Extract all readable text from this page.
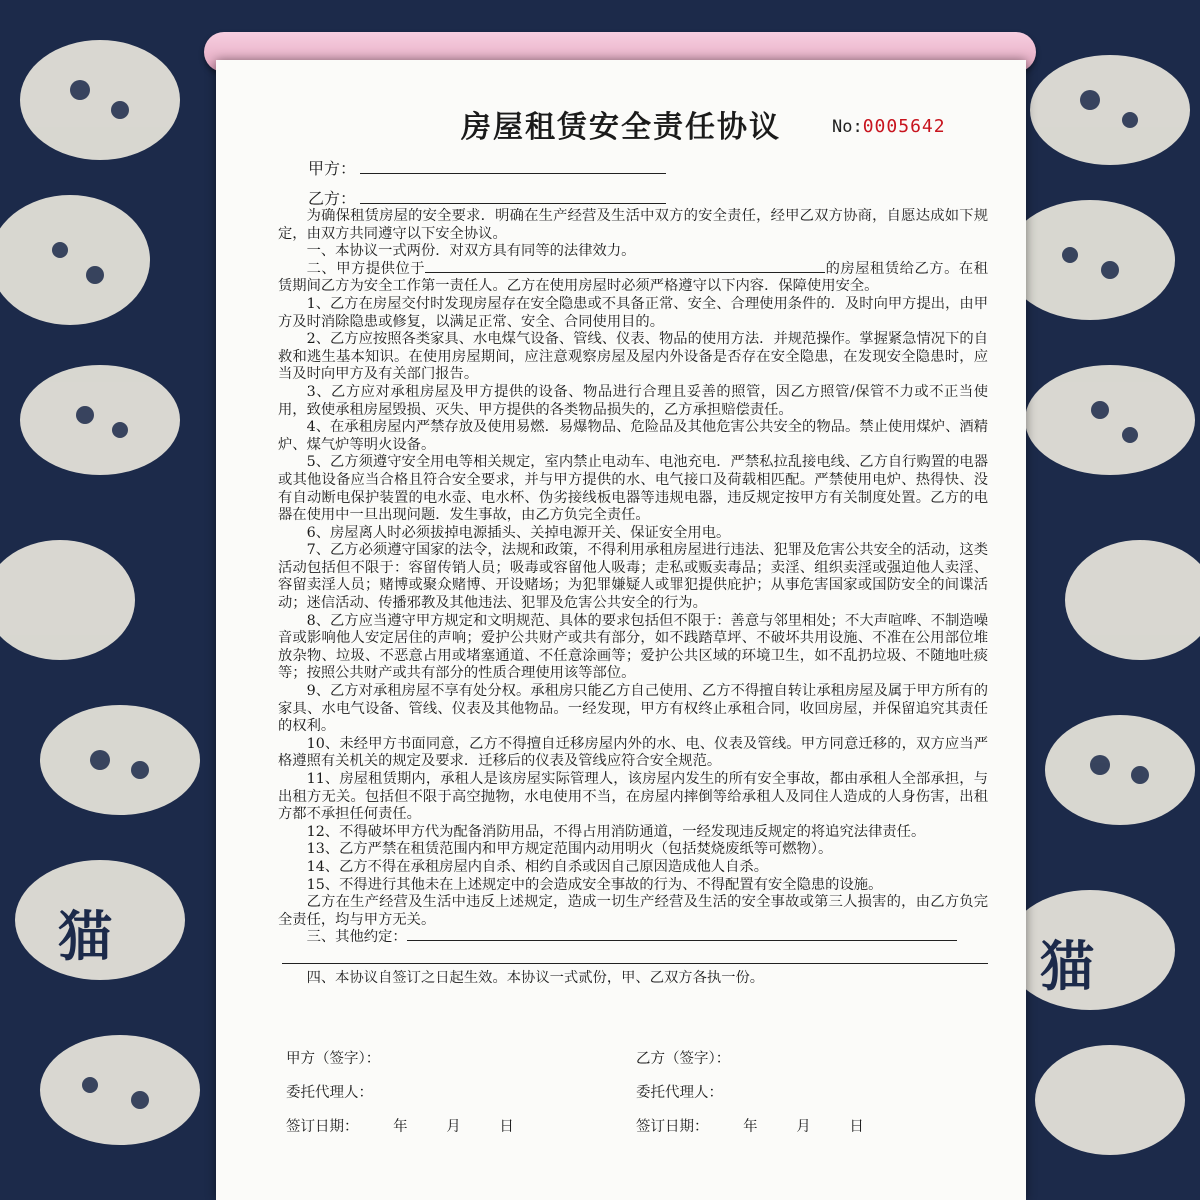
猫	猫
房屋租赁安全责任协议	No:0005642
甲方：
乙方：

为确保租赁房屋的安全要求．明确在生产经营及生活中双方的安全责任，经甲乙双方协商，自愿达成如下规定，由双方共同遵守以下安全协议。

一、本协议一式两份．对双方具有同等的法律效力。

二、甲方提供位于	的房屋租赁给乙方。在租赁期间乙方为安全工作第一责任人。乙方在使用房屋时必须严格遵守以下内容．保障使用安全。

1、乙方在房屋交付时发现房屋存在安全隐患或不具备正常、安全、合理使用条件的．及时向甲方提出，由甲方及时消除隐患或修复，以满足正常、安全、合同使用目的。

2、乙方应按照各类家具、水电煤气设备、管线、仪表、物品的使用方法．并规范操作。掌握紧急情况下的自救和逃生基本知识。在使用房屋期间，应注意观察房屋及屋内外设备是否存在安全隐患，在发现安全隐患时，应当及时向甲方及有关部门报告。

3、乙方应对承租房屋及甲方提供的设备、物品进行合理且妥善的照管，因乙方照管/保管不力或不正当使用，致使承租房屋毁损、灭失、甲方提供的各类物品损失的，乙方承担赔偿责任。

4、在承租房屋内严禁存放及使用易燃．易爆物品、危险品及其他危害公共安全的物品。禁止使用煤炉、酒精炉、煤气炉等明火设备。

5、乙方须遵守安全用电等相关规定，室内禁止电动车、电池充电．严禁私拉乱接电线、乙方自行购置的电器或其他设备应当合格且符合安全要求，并与甲方提供的水、电气接口及荷载相匹配。严禁使用电炉、热得快、没有自动断电保护装置的电水壶、电水杯、伪劣接线板电器等违规电器，违反规定按甲方有关制度处置。乙方的电器在使用中一旦出现问题．发生事故，由乙方负完全责任。

6、房屋离人时必须拔掉电源插头、关掉电源开关、保证安全用电。

7、乙方必须遵守国家的法令，法规和政策，不得利用承租房屋进行违法、犯罪及危害公共安全的活动，这类活动包括但不限于：容留传销人员；吸毒或容留他人吸毒；走私或贩卖毒品；卖淫、组织卖淫或强迫他人卖淫、容留卖淫人员；赌博或聚众赌博、开设赌场；为犯罪嫌疑人或罪犯提供庇护；从事危害国家或国防安全的间谍活动；迷信活动、传播邪教及其他违法、犯罪及危害公共安全的行为。

8、乙方应当遵守甲方规定和文明规范、具体的要求包括但不限于：善意与邻里相处；不大声喧哗、不制造噪音或影响他人安定居住的声响；爱护公共财产或共有部分，如不践踏草坪、不破坏共用设施、不准在公用部位堆放杂物、垃圾、不恶意占用或堵塞通道、不任意涂画等；爱护公共区域的环境卫生，如不乱扔垃圾、不随地吐痰等；按照公共财产或共有部分的性质合理使用该等部位。

9、乙方对承租房屋不享有处分权。承租房只能乙方自己使用、乙方不得擅自转让承租房屋及属于甲方所有的家具、水电气设备、管线、仪表及其他物品。一经发现，甲方有权终止承租合同，收回房屋，并保留追究其责任的权利。

10、未经甲方书面同意，乙方不得擅自迁移房屋内外的水、电、仪表及管线。甲方同意迁移的，双方应当严格遵照有关机关的规定及要求．迁移后的仪表及管线应符合安全规范。

11、房屋租赁期内，承租人是该房屋实际管理人，该房屋内发生的所有安全事故，都由承租人全部承担，与出租方无关。包括但不限于高空抛物，水电使用不当，在房屋内摔倒等给承租人及同住人造成的人身伤害，出租方都不承担任何责任。

12、不得破坏甲方代为配备消防用品，不得占用消防通道，一经发现违反规定的将追究法律责任。

13、乙方严禁在租赁范围内和甲方规定范围内动用明火（包括焚烧废纸等可燃物）。

14、乙方不得在承租房屋内自杀、相约自杀或因自己原因造成他人自杀。

15、不得进行其他未在上述规定中的会造成安全事故的行为、不得配置有安全隐患的设施。

乙方在生产经营及生活中违反上述规定，造成一切生产经营及生活的安全事故或第三人损害的，由乙方负完全责任，均与甲方无关。

三、其他约定：

四、本协议自签订之日起生效。本协议一式贰份，甲、乙双方各执一份。

甲方（签字）：
委托代理人：
签订日期： 年	月	日
乙方（签字）：
委托代理人：
签订日期： 年	月	日
